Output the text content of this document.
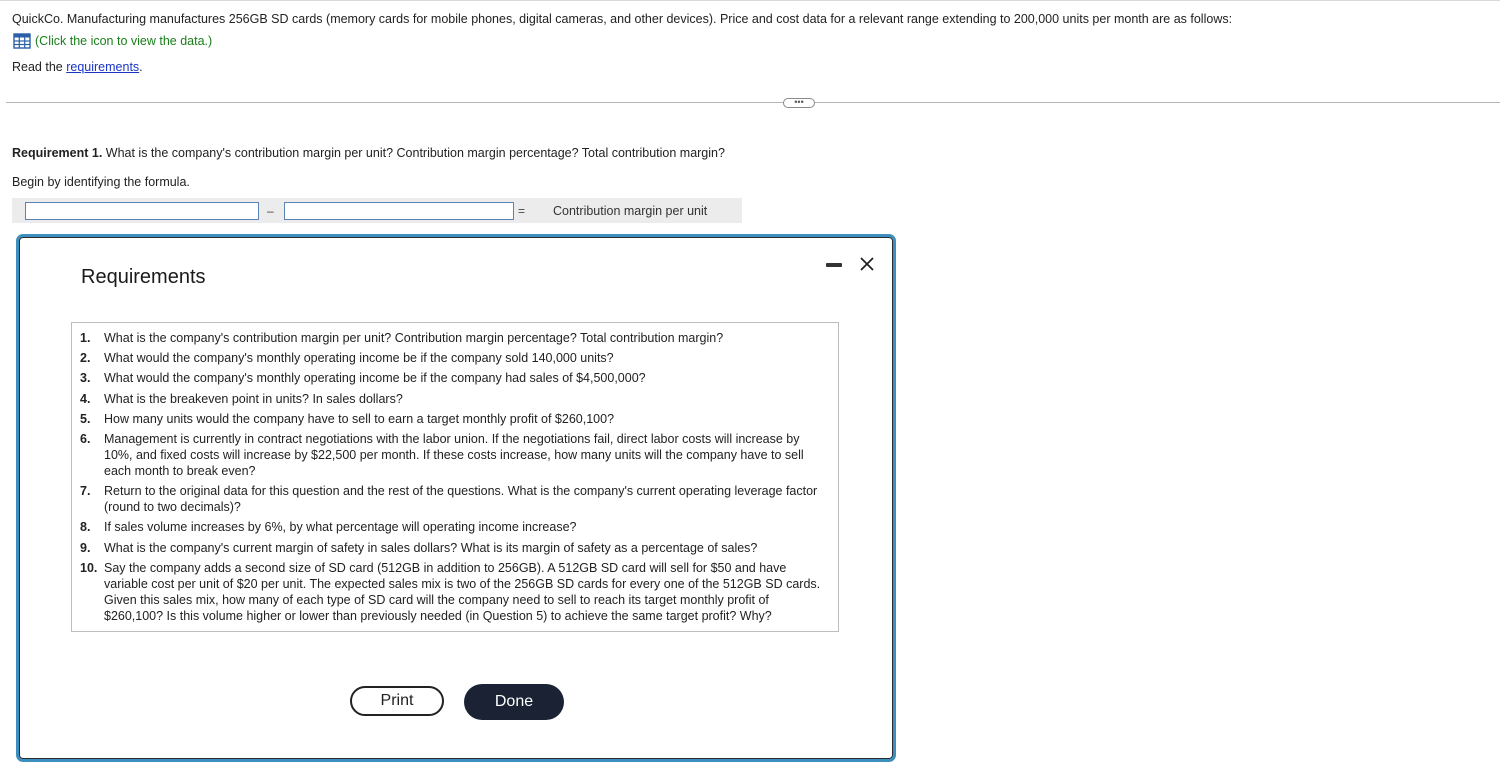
QuickCo. Manufacturing manufactures 256GB SD cards (memory cards for mobile phones, digital cameras, and other devices). Price and cost data for a relevant range extending to 200,000 units per month are as follows:
(Click the icon to view the data.)
Read the requirements.
•••
Requirement 1. What is the company's contribution margin per unit? Contribution margin percentage? Total contribution margin?
Begin by identifying the formula.
–	= Contribution margin per unit
Requirements
1.	What is the company's contribution margin per unit? Contribution margin percentage? Total contribution margin?
2.	What would the company's monthly operating income be if the company sold 140,000 units?
3.	What would the company's monthly operating income be if the company had sales of $4,500,000?
4.	What is the breakeven point in units? In sales dollars?
5.	How many units would the company have to sell to earn a target monthly profit of $260,100?
6.	Management is currently in contract negotiations with the labor union. If the negotiations fail, direct labor costs will increase by 10%, and fixed costs will increase by $22,500 per month. If these costs increase, how many units will the company have to sell each month to break even?
7.	Return to the original data for this question and the rest of the questions. What is the company's current operating leverage factor (round to two decimals)?
8.	If sales volume increases by 6%, by what percentage will operating income increase?
9.	What is the company's current margin of safety in sales dollars? What is its margin of safety as a percentage of sales?
10. Say the company adds a second size of SD card (512GB in addition to 256GB). A 512GB SD card will sell for $50 and have variable cost per unit of $20 per unit. The expected sales mix is two of the 256GB SD cards for every one of the 512GB SD cards. Given this sales mix, how many of each type of SD card will the company need to sell to reach its target monthly profit of $260,100? Is this volume higher or lower than previously needed (in Question 5) to achieve the same target profit? Why?
Print	Done
